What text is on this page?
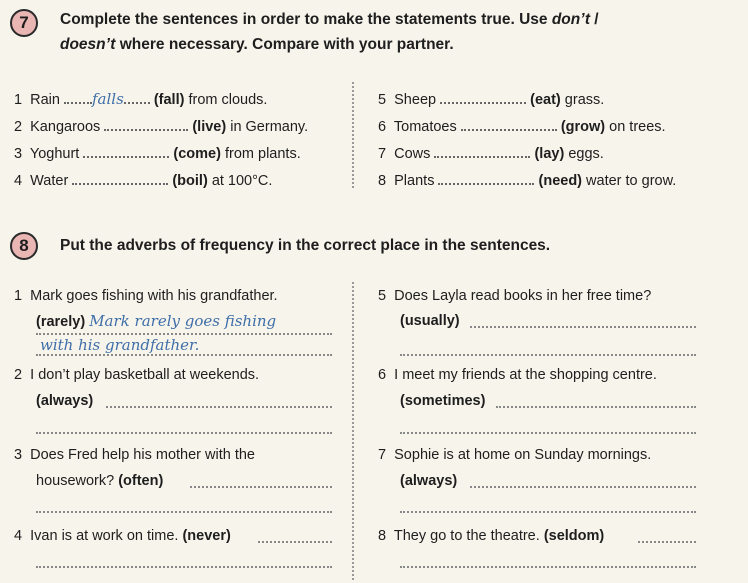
7	Complete the sentences in order to make the statements true. Use don’t /
doesn’t where necessary. Compare with your partner.
1 Rain falls (fall) from clouds.
2 Kangaroos	(live) in Germany.
3 Yoghurt	(come) from plants.
4 Water	(boil) at 100°C.
5 Sheep	(eat) grass.
6 Tomatoes	(grow) on trees.
7 Cows	(lay) eggs.
8 Plants	(need) water to grow.
8	Put the adverbs of frequency in the correct place in the sentences.
1 Mark goes fishing with his grandfather.
(rarely) Mark rarely goes fishing
with his grandfather.
2 I don’t play basketball at weekends.
(always)
3 Does Fred help his mother with the
housework? (often)
4 Ivan is at work on time. (never)
5 Does Layla read books in her free time?
(usually)
6 I meet my friends at the shopping centre.
(sometimes)
7 Sophie is at home on Sunday mornings.
(always)
8 They go to the theatre. (seldom)
